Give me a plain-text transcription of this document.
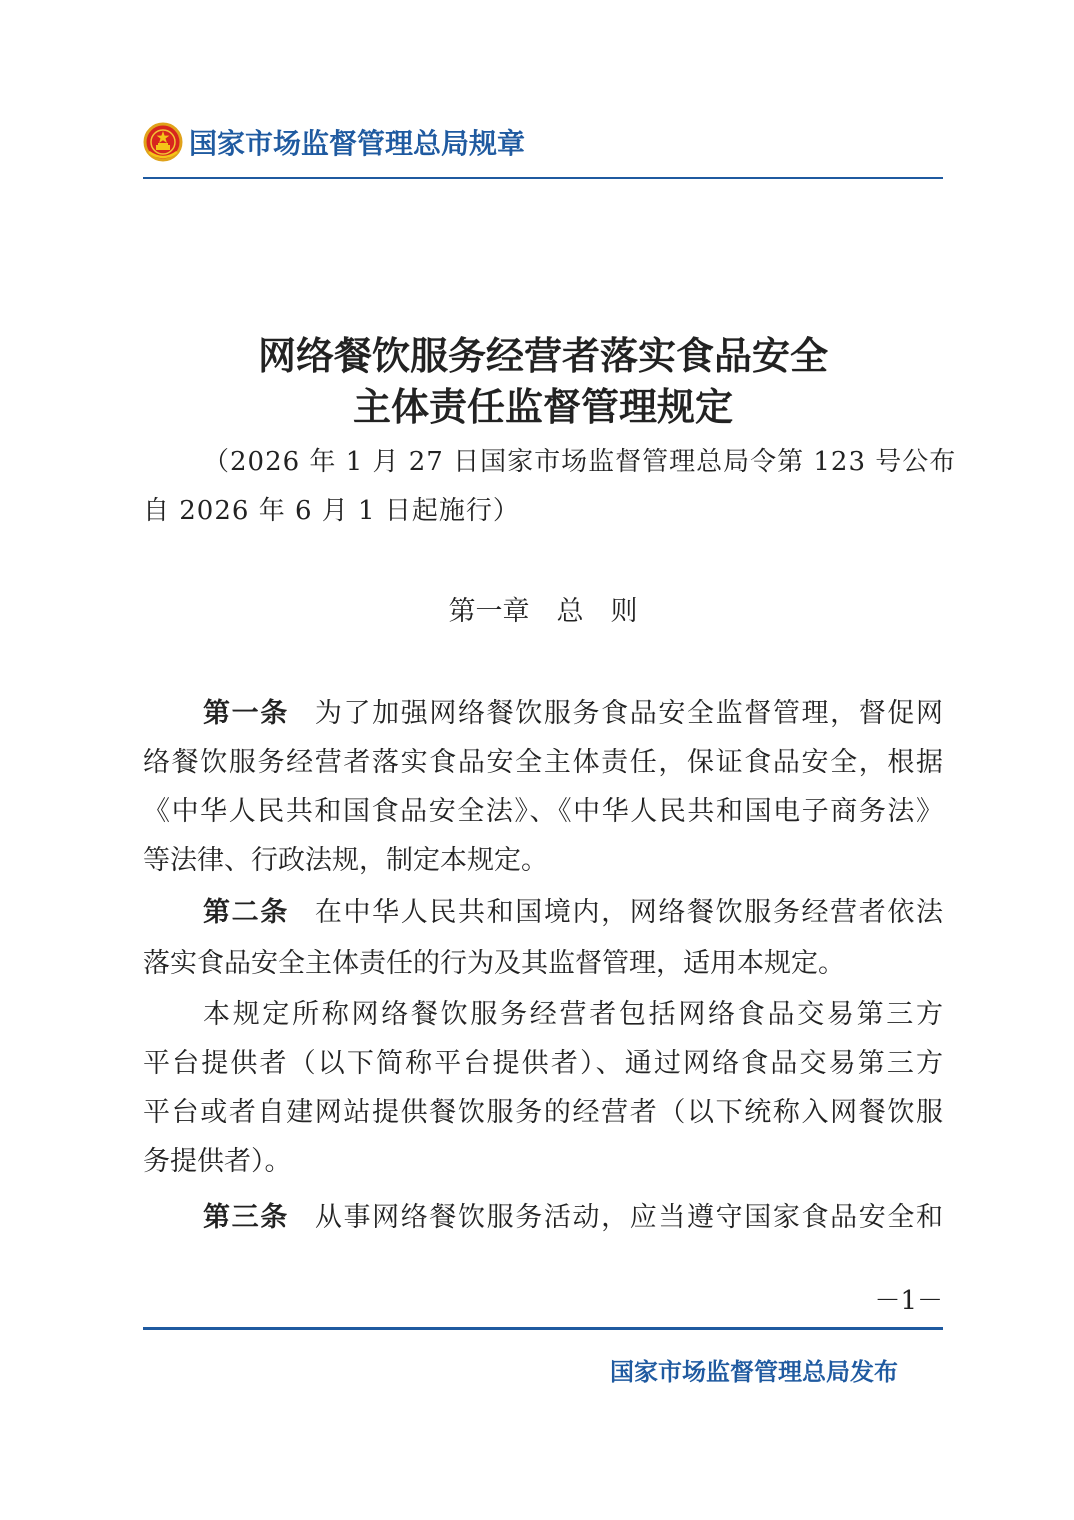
国家市场监督管理总局规章
网络餐饮服务经营者落实食品安全
主体责任监督管理规定
（2026 年 1 月 27 日国家市场监督管理总局令第 123 号公布
自 2026 年 6 月 1 日起施行）
第一章　总　则
第一条 为了加强网络餐饮服务食品安全监督管理，督促网
络餐饮服务经营者落实食品安全主体责任，保证食品安全，根据
《中华人民共和国食品安全法》、《中华人民共和国电子商务法》
等法律、行政法规，制定本规定。
第二条 在中华人民共和国境内，网络餐饮服务经营者依法
落实食品安全主体责任的行为及其监督管理，适用本规定。
本规定所称网络餐饮服务经营者包括网络食品交易第三方
平台提供者（以下简称平台提供者）、通过网络食品交易第三方
平台或者自建网站提供餐饮服务的经营者（以下统称入网餐饮服
务提供者）。
第三条 从事网络餐饮服务活动，应当遵守国家食品安全和
－1－
国家市场监督管理总局发布
